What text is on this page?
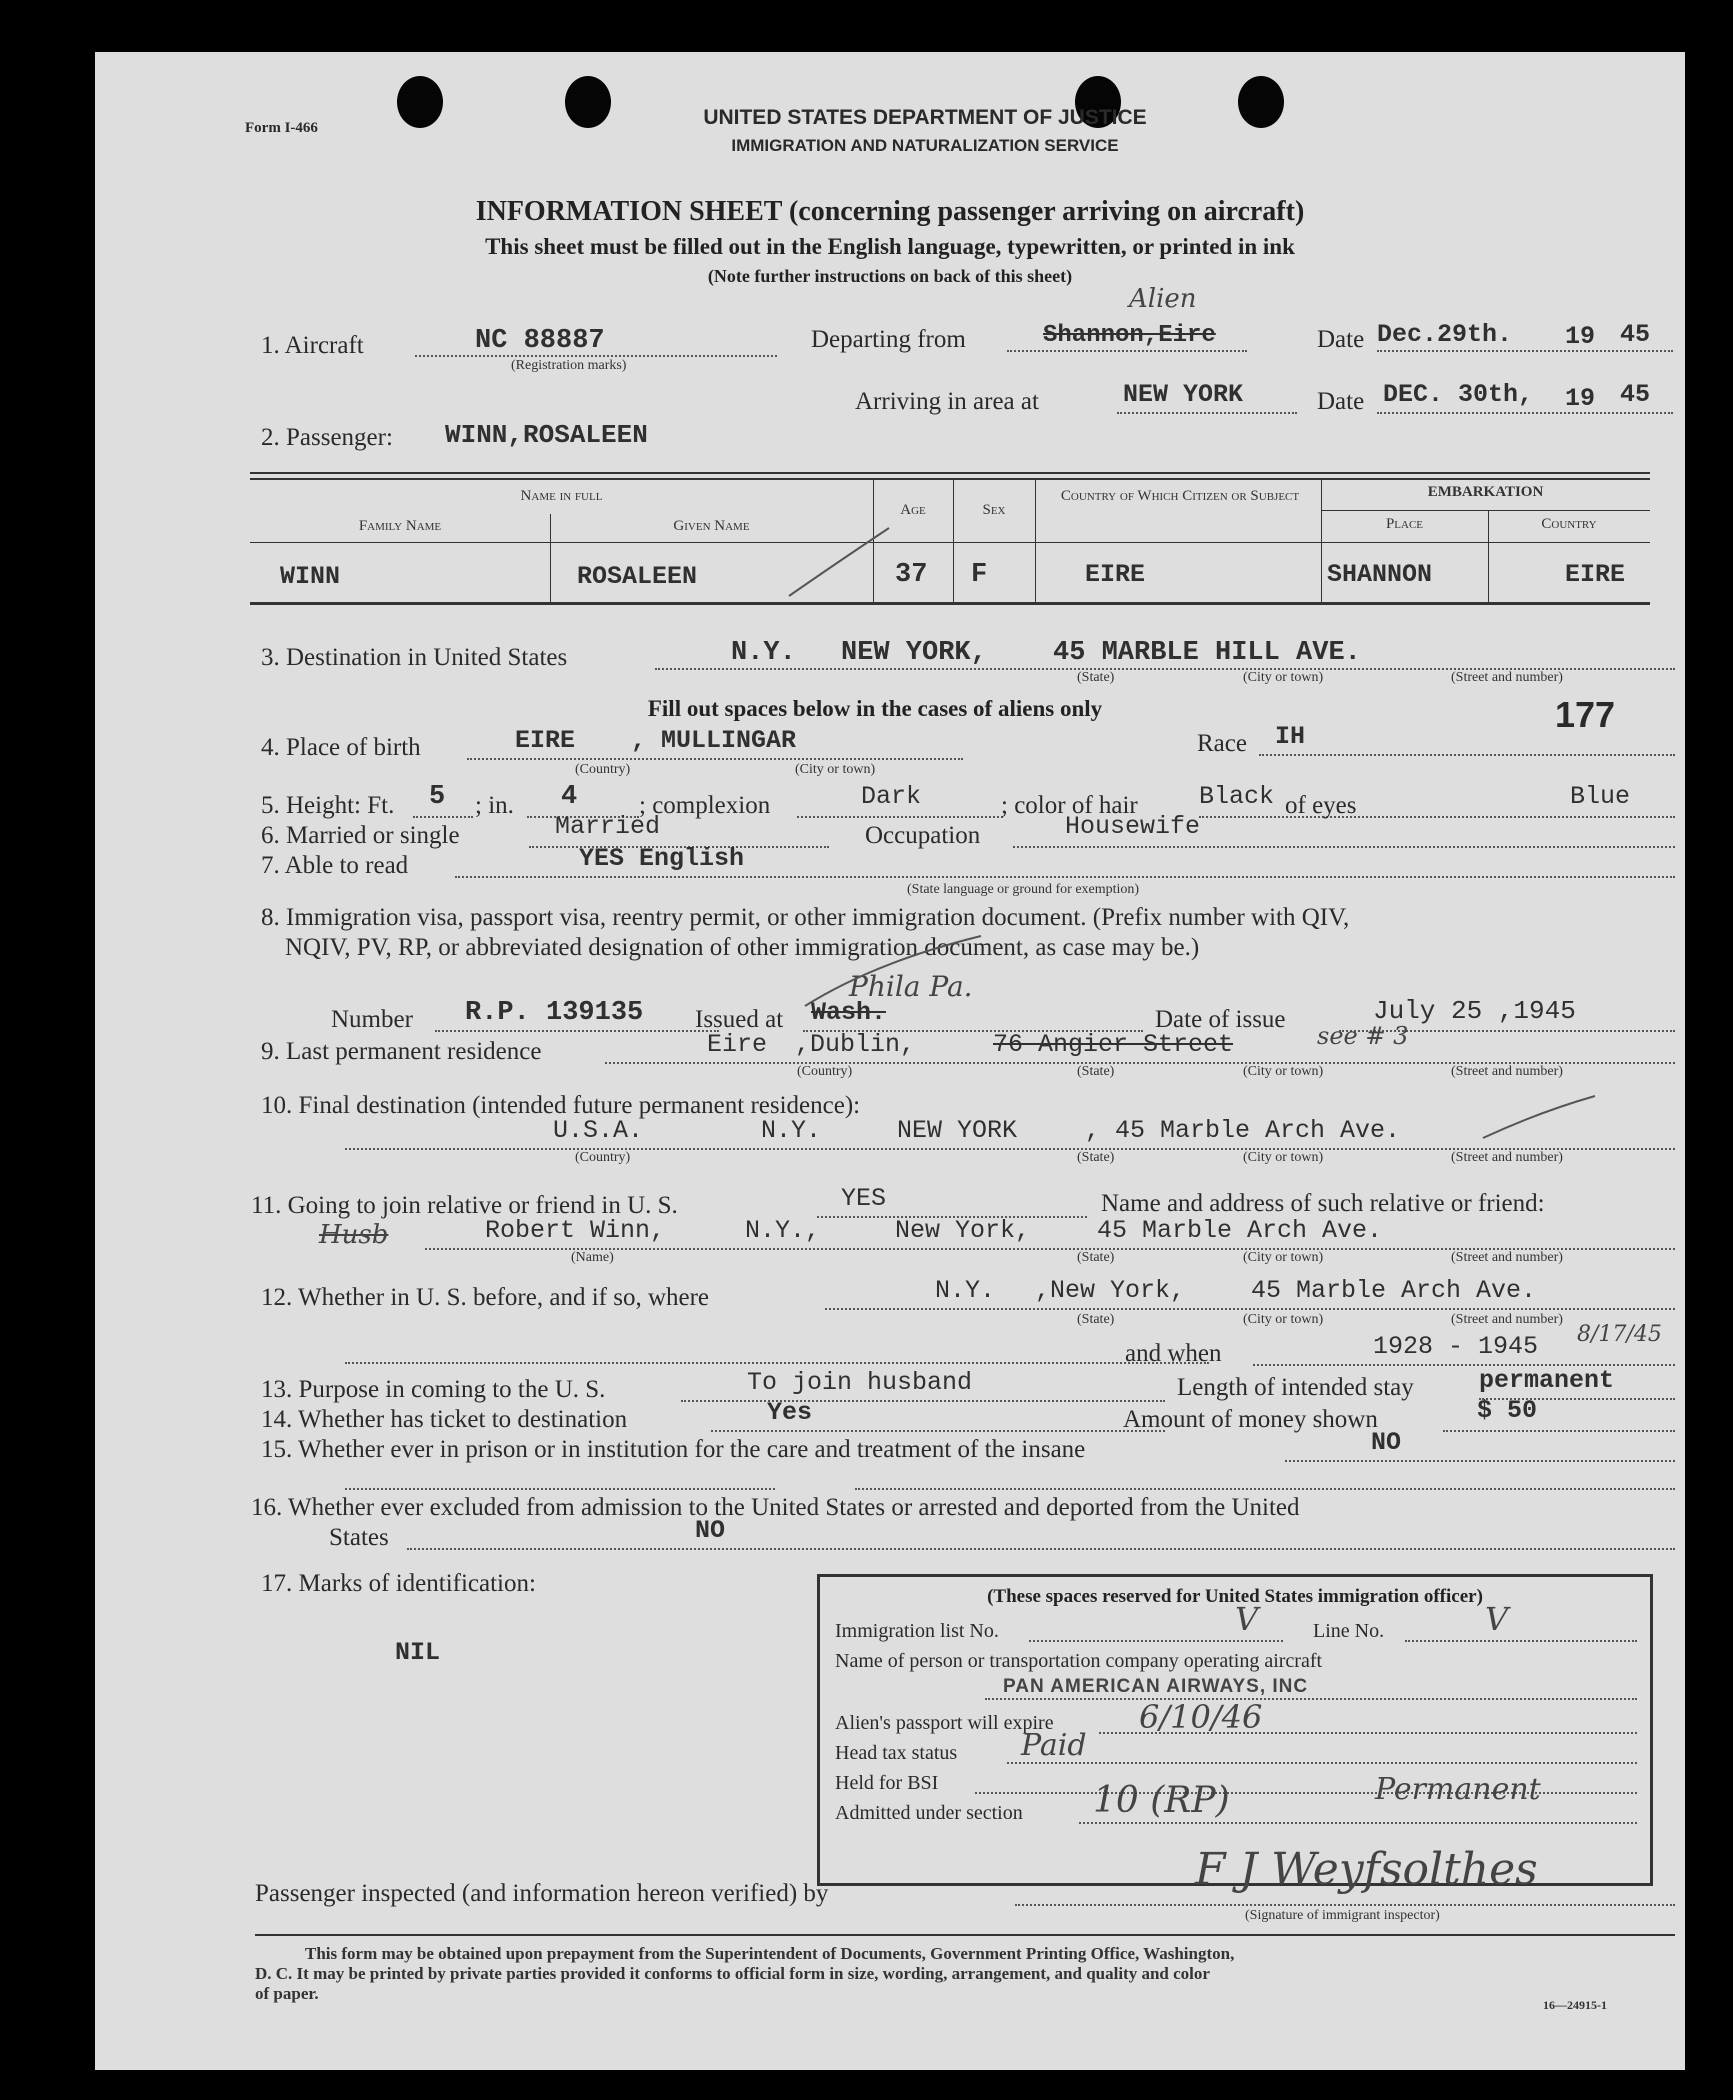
Form I-466	UNITED STATES DEPARTMENT OF JUSTICE
IMMIGRATION AND NATURALIZATION SERVICE
INFORMATION SHEET (concerning passenger arriving on aircraft)
This sheet must be filled out in the English language, typewritten, or printed in ink
(Note further instructions on back of this sheet)
1. Aircraft	NC 88887
(Registration marks)
Departing from	Shannon,Eire
Alien
Date Dec.29th. 19 45
Arriving in area at	NEW YORK	Date DEC. 30th, 19 45
2. Passenger: WINN,ROSALEEN
Name in full
Family Name	Given Name
Age	Sex
Country of Which Citizen or Subject	EMBARKATION
Place	Country
WINN	ROSALEEN	37 F	EIRE	SHANNON	EIRE
3. Destination in United States	N.Y. NEW YORK, 45 MARBLE HILL AVE.
(State)	(City or town)	(Street and number)
Fill out spaces below in the cases of aliens only
4. Place of birth	EIRE , MULLINGAR
(Country)	(City or town)
Race IH
177
5. Height: Ft. 5 ; in. 4 ; complexion	Dark	; color of hair Black of eyes	Blue
6. Married or single	Married	Occupation	Housewife
7. Able to read	YES English
(State language or ground for exemption)
8. Immigration visa, passport visa, reentry permit, or other immigration document. (Prefix number with QIV,
NQIV, PV, RP, or abbreviated designation of other immigration document, as case may be.)
Phila Pa.
Number R.P. 139135 Issued at Wash.	Date of issue	July 25 ,1945
9. Last permanent residence	Eire ,Dublin,	76 Angier Street	see # 3
(Country)	(State)	(City or town)	(Street and number)
10. Final destination (intended future permanent residence):
U.S.A.	N.Y.	NEW YORK	, 45 Marble Arch Ave.
(Country)	(State)	(City or town)	(Street and number)
11. Going to join relative or friend in U. S.	YES	Name and address of such relative or friend:
Husb	Robert Winn,	N.Y.,	New York,	45 Marble Arch Ave.
(Name)	(State)	(City or town)	(Street and number)
12. Whether in U. S. before, and if so, where	N.Y. ,New York,	45 Marble Arch Ave.
(State)	(City or town)	(Street and number)
and when	1928 - 1945 8/17/45
13. Purpose in coming to the U. S.	To join husband	Length of intended stay	permanent
14. Whether has ticket to destination	Yes	Amount of money shown	$ 50
15. Whether ever in prison or in institution for the care and treatment of the insane	NO
16. Whether ever excluded from admission to the United States or arrested and deported from the United
States	NO
17. Marks of identification:
NIL
(These spaces reserved for United States immigration officer)
Immigration list No.	V	Line No.	V
Name of person or transportation company operating aircraft
PAN AMERICAN AIRWAYS, INC
Alien's passport will expire	6/10/46
Head tax status Paid
Held for BSI
Admitted under section 10 (RP)	Permanent
Passenger inspected (and information hereon verified) by	F J Weyfsolthes
(Signature of immigrant inspector)
This form may be obtained upon prepayment from the Superintendent of Documents, Government Printing Office, Washington,
D. C. It may be printed by private parties provided it conforms to official form in size, wording, arrangement, and quality and color
of paper.
16—24915-1
